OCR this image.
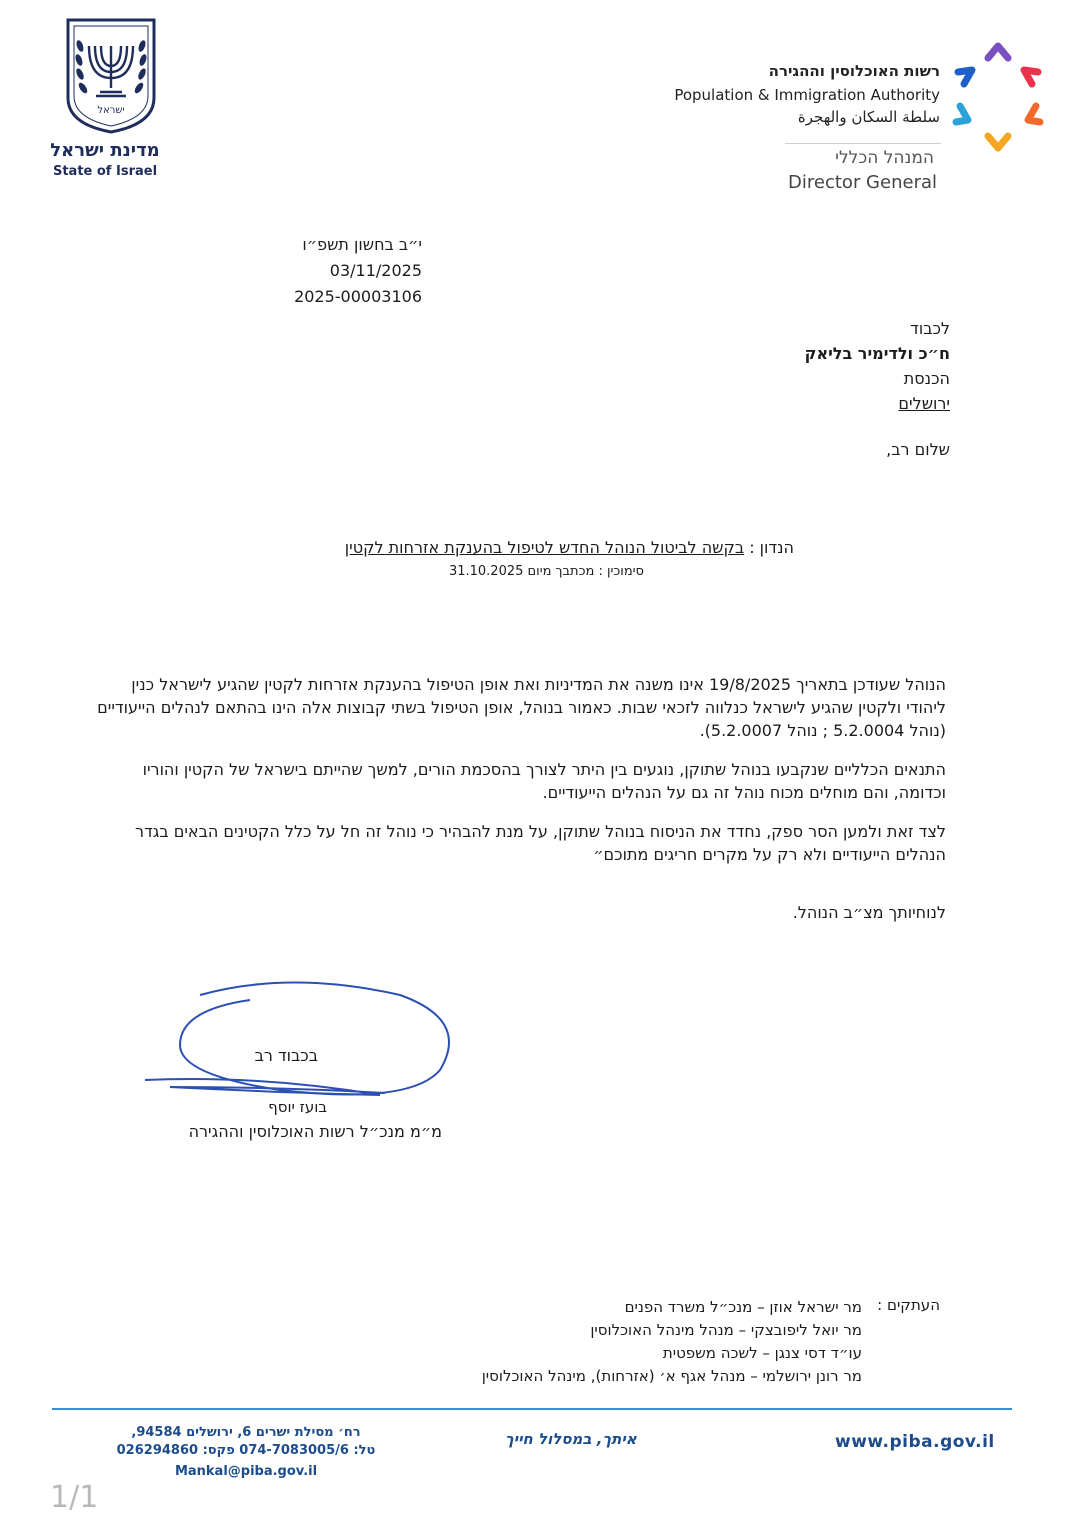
ישראל
מדינת ישראל
State of Israel
רשות האוכלוסין וההגירה
Population & Immigration Authority
سلطة السكان والهجرة
המנהל הכללי
Director General
י״ב בחשון תשפ״ו
03/11/2025
2025-00003106
לכבוד
ח״כ ולדימיר בליאק
הכנסת
ירושלים
שלום רב,
הנדון : בקשה לביטול הנוהל החדש לטיפול בהענקת אזרחות לקטין
סימוכין : מכתבך מיום 31.10.2025
הנוהל שעודכן בתאריך 19/8/2025 אינו משנה את המדיניות ואת אופן הטיפול בהענקת אזרחות לקטין שהגיע לישראל כנין ליהודי ולקטין שהגיע לישראל כנלווה לזכאי שבות. כאמור בנוהל, אופן הטיפול בשתי קבוצות אלה הינו בהתאם לנהלים הייעודיים (נוהל 5.2.0004 ; נוהל 5.2.0007).
התנאים הכלליים שנקבעו בנוהל שתוקן, נוגעים בין היתר לצורך בהסכמת הורים, למשך שהייתם בישראל של הקטין והוריו וכדומה, והם מוחלים מכוח נוהל זה גם על הנהלים הייעודיים.
לצד זאת ולמען הסר ספק, נחדד את הניסוח בנוהל שתוקן, על מנת להבהיר כי נוהל זה חל על כלל הקטינים הבאים בגדר הנהלים הייעודיים ולא רק על מקרים חריגים מתוכם״
לנוחיותך מצ״ב הנוהל.
בכבוד רב
בועז יוסף
מ״מ מנכ״ל רשות האוכלוסין וההגירה
העתקים :
מר ישראל אוזן – מנכ״ל משרד הפנים
מר יואל ליפובצקי – מנהל מינהל האוכלוסין
עו״ד דסי צנגן – לשכה משפטית
מר רונן ירושלמי – מנהל אגף א׳ (אזרחות), מינהל האוכלוסין
www.piba.gov.il
איתך, במסלול חייך
רח׳ מסילת ישרים 6, ירושלים 94584,
טל: 074-7083005/6 פקס: 026294860
Mankal@piba.gov.il
1/1
